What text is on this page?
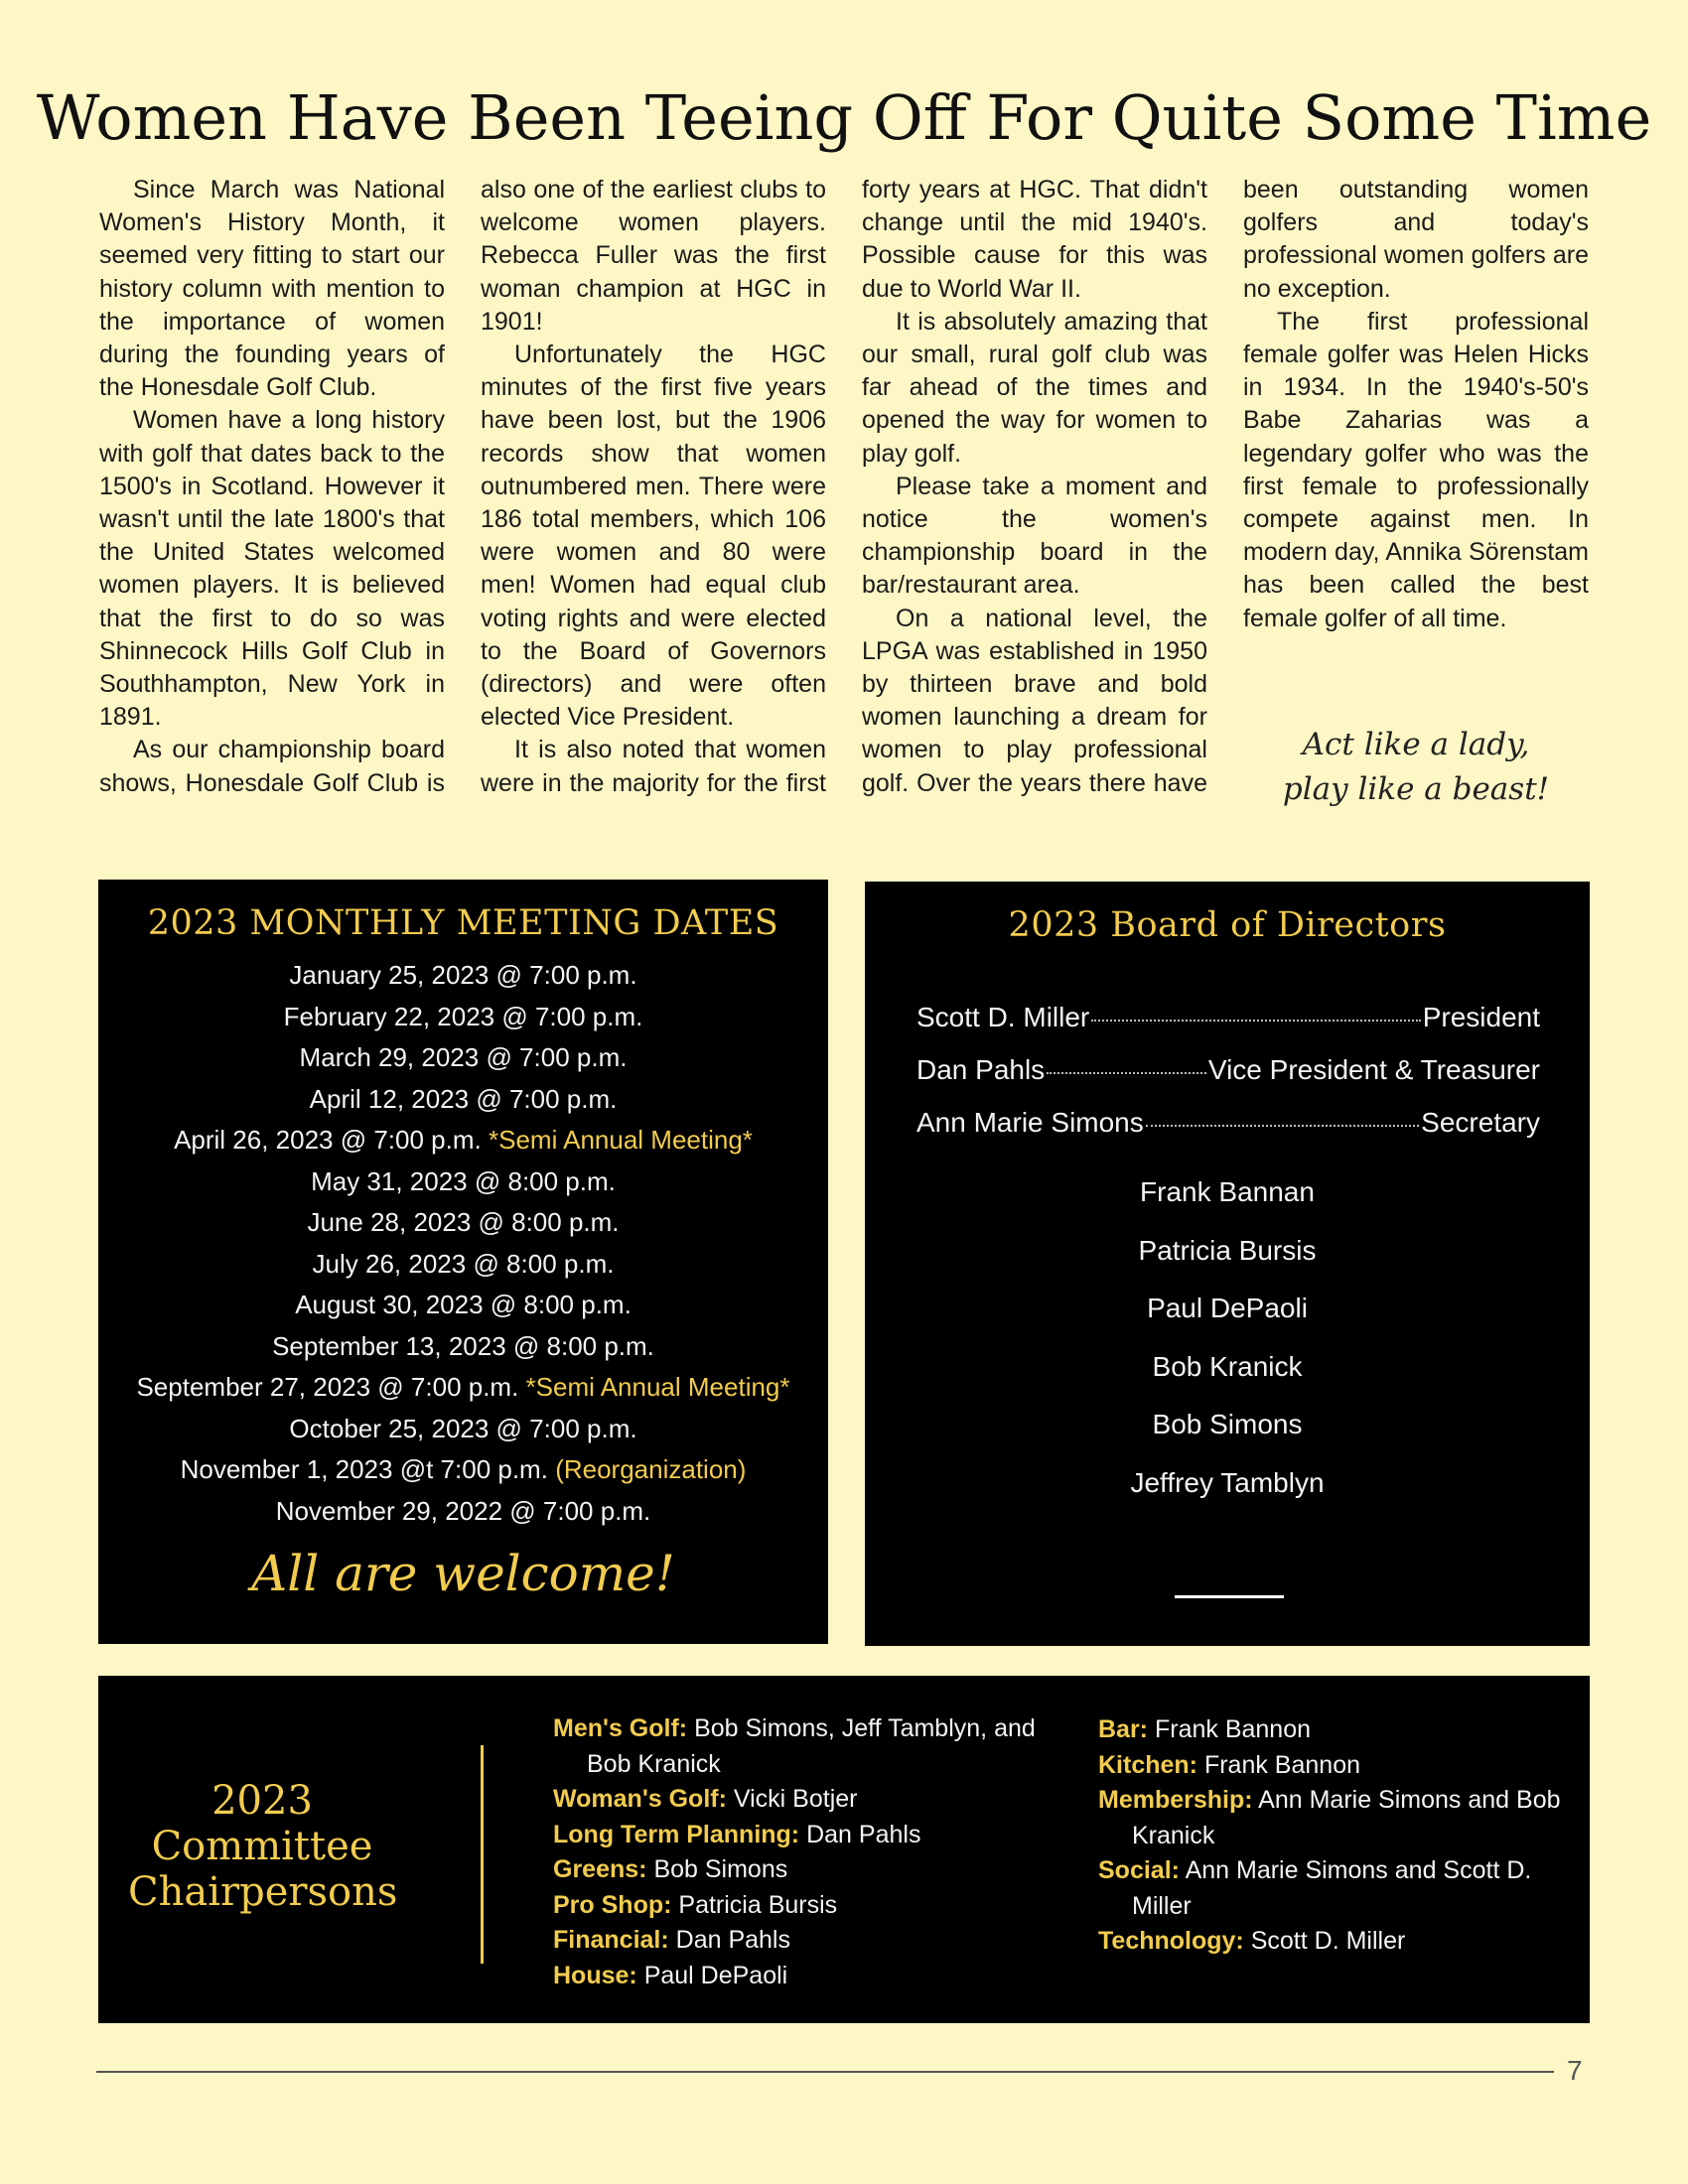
Women Have Been Teeing Off For Quite Some Time

Since March was National Women's History Month, it seemed very fitting to start our history column with mention to the importance of women during the founding years of the Honesdale Golf Club.

Women have a long history with golf that dates back to the 1500's in Scotland. However it wasn't until the late 1800's that the United States welcomed women players. It is believed that the first to do so was Shinnecock Hills Golf Club in Southhampton, New York in 1891.

As our championship board shows, Honesdale Golf Club is also one of the earliest clubs to welcome women players. Rebecca Fuller was the first woman champion at HGC in 1901!

Unfortunately the HGC minutes of the first five years have been lost, but the 1906 records show that women outnumbered men. There were 186 total members, which 106 were women and 80 were men! Women had equal club voting rights and were elected to the Board of Governors (directors) and were often elected Vice President.

It is also noted that women were in the majority for the first forty years at HGC. That didn't change until the mid 1940's. Possible cause for this was due to World War II.

It is absolutely amazing that our small, rural golf club was far ahead of the times and opened the way for women to play golf.

Please take a moment and notice the women's championship board in the bar/restaurant area.

On a national level, the LPGA was established in 1950 by thirteen brave and bold women launching a dream for women to play professional golf. Over the years there have been outstanding women golfers and today's professional women golfers are no exception.

The first professional female golfer was Helen Hicks in 1934. In the 1940's-50's Babe Zaharias was a legendary golfer who was the first female to professionally compete against men. In modern day, Annika Sörenstam has been called the best female golfer of all time.

Act like a lady,
play like a beast!
2023 MONTHLY MEETING DATES
January 25, 2023 @ 7:00 p.m.
February 22, 2023 @ 7:00 p.m.
March 29, 2023 @ 7:00 p.m.
April 12, 2023 @ 7:00 p.m.
April 26, 2023 @ 7:00 p.m. *Semi Annual Meeting*
May 31, 2023 @ 8:00 p.m.
June 28, 2023 @ 8:00 p.m.
July 26, 2023 @ 8:00 p.m.
August 30, 2023 @ 8:00 p.m.
September 13, 2023 @ 8:00 p.m.
September 27, 2023 @ 7:00 p.m. *Semi Annual Meeting*
October 25, 2023 @ 7:00 p.m.
November 1, 2023 @t 7:00 p.m. (Reorganization)
November 29, 2022 @ 7:00 p.m.
All are welcome!
2023 Board of Directors
Scott D. Miller	President
Dan Pahls	Vice President & Treasurer
Ann Marie Simons	Secretary
Frank Bannan
Patricia Bursis
Paul DePaoli
Bob Kranick
Bob Simons
Jeffrey Tamblyn
2023
Committee
Chairpersons
Men's Golf: Bob Simons, Jeff Tamblyn, and Bob Kranick
Woman's Golf: Vicki Botjer
Long Term Planning: Dan Pahls
Greens: Bob Simons
Pro Shop: Patricia Bursis
Financial: Dan Pahls
House: Paul DePaoli
Bar: Frank Bannon
Kitchen: Frank Bannon
Membership: Ann Marie Simons and Bob Kranick
Social: Ann Marie Simons and Scott D. Miller
Technology: Scott D. Miller
7
